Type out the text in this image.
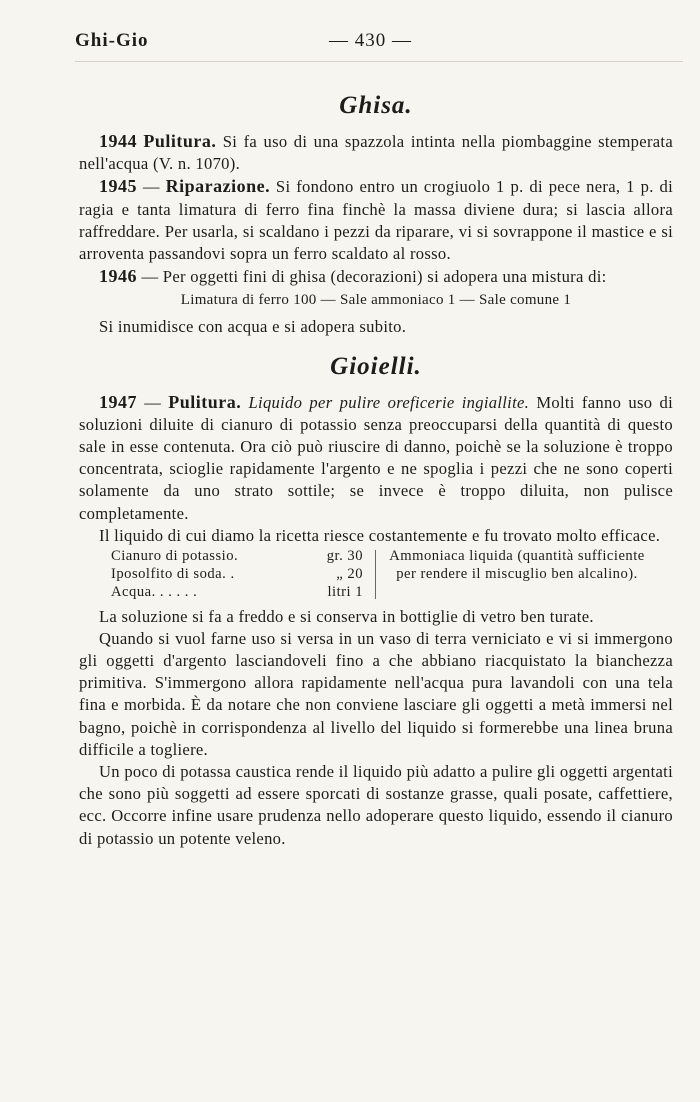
Ghi-Gio	— 430 —
Ghisa.

1944 Pulitura. Si fa uso di una spazzola intinta nella piombaggine stemperata nell'acqua (V. n. 1070).

1945 — Riparazione. Si fondono entro un crogiuolo 1 p. di pece nera, 1 p. di ragia e tanta limatura di ferro fina finchè la massa diviene dura; si lascia allora raffreddare. Per usarla, si scaldano i pezzi da riparare, vi si sovrappone il mastice e si arroventa passandovi sopra un ferro scaldato al rosso.

1946 — Per oggetti fini di ghisa (decorazioni) si adopera una mistura di:

Limatura di ferro 100 — Sale ammoniaco 1 — Sale comune 1

Si inumidisce con acqua e si adopera subito.

Gioielli.

1947 — Pulitura. Liquido per pulire oreficerie ingiallite. Molti fanno uso di soluzioni diluite di cianuro di potassio senza preoccuparsi della quantità di questo sale in esse contenuta. Ora ciò può riuscire di danno, poichè se la soluzione è troppo concentrata, scioglie rapidamente l'argento e ne spoglia i pezzi che ne sono coperti solamente da uno strato sottile; se invece è troppo diluita, non pulisce completamente.

Il liquido di cui diamo la ricetta riesce costantemente e fu trovato molto efficace.

Cianuro di potassio .	gr. 30
Iposolfito di soda . .	„ 20
Acqua . . . . . .	litri 1
Ammoniaca liquida (quantità sufficiente per rendere il miscuglio ben alcalino).

La soluzione si fa a freddo e si conserva in bottiglie di vetro ben turate.

Quando si vuol farne uso si versa in un vaso di terra verniciato e vi si immergono gli oggetti d'argento lasciandoveli fino a che abbiano riacquistato la bianchezza primitiva. S'immergono allora rapidamente nell'acqua pura lavandoli con una tela fina e morbida. È da notare che non conviene lasciare gli oggetti a metà immersi nel bagno, poichè in corrispondenza al livello del liquido si formerebbe una linea bruna difficile a togliere.

Un poco di potassa caustica rende il liquido più adatto a pulire gli oggetti argentati che sono più soggetti ad essere sporcati di sostanze grasse, quali posate, caffettiere, ecc. Occorre infine usare prudenza nello adoperare questo liquido, essendo il cianuro di potassio un potente veleno.
